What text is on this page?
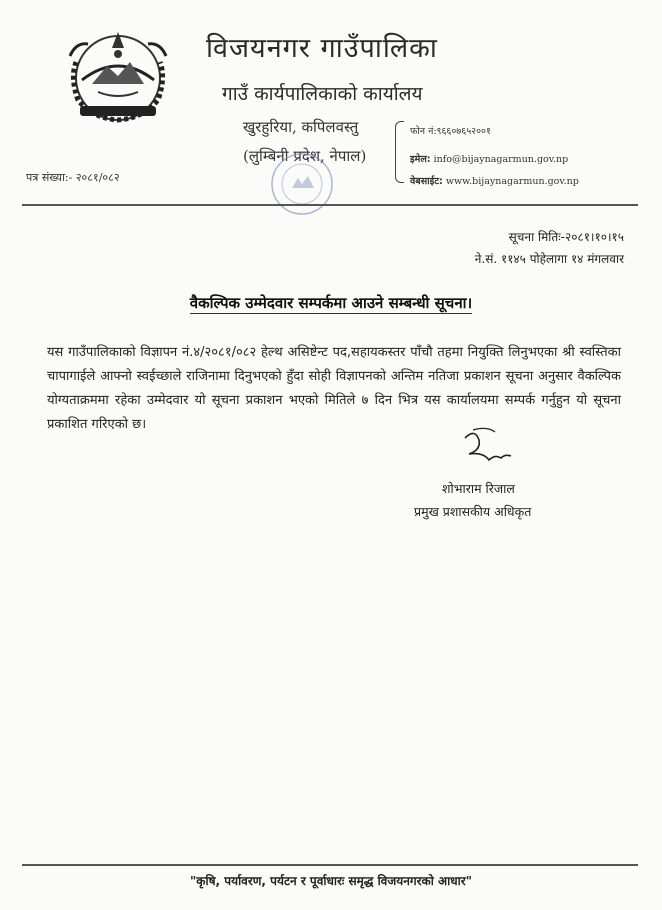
विजयनगर गाउँपालिका
गाउँ कार्यपालिकाको कार्यालय
खुरहुरिया, कपिलवस्तु
(लुम्बिनी प्रदेश, नेपाल)
फोन नं:९६६०७६५२००१
इमेल: info@bijaynagarmun.gov.np
वेबसाईट: www.bijaynagarmun.gov.np
पत्र संख्या:- २०८१/०८२
सूचना मितिः-२०८१।१०।१५
ने.सं. ११४५ पोहेलागा १४ मंगलवार
वैकल्पिक उम्मेदवार सम्पर्कमा आउने सम्बन्धी सूचना।
यस गाउँपालिकाको विज्ञापन नं.४/२०८१/०८२ हेल्थ असिष्टेन्ट पद,सहायकस्तर पाँचौ तहमा नियुक्ति लिनुभएका श्री स्वस्तिका चापागाईले आफ्नो स्वईच्छाले राजिनामा दिनुभएको हुँदा सोही विज्ञापनको अन्तिम नतिजा प्रकाशन सूचना अनुसार वैकल्पिक योग्यताक्रममा रहेका उम्मेदवार यो सूचना प्रकाशन भएको मितिले ७ दिन भित्र यस कार्यालयमा सम्पर्क गर्नुहुन यो सूचना प्रकाशित गरिएको छ।
शोभाराम रिजाल
प्रमुख प्रशासकीय अधिकृत
"कृषि, पर्यावरण, पर्यटन र पूर्वाधारः समृद्ध विजयनगरको आधार"
